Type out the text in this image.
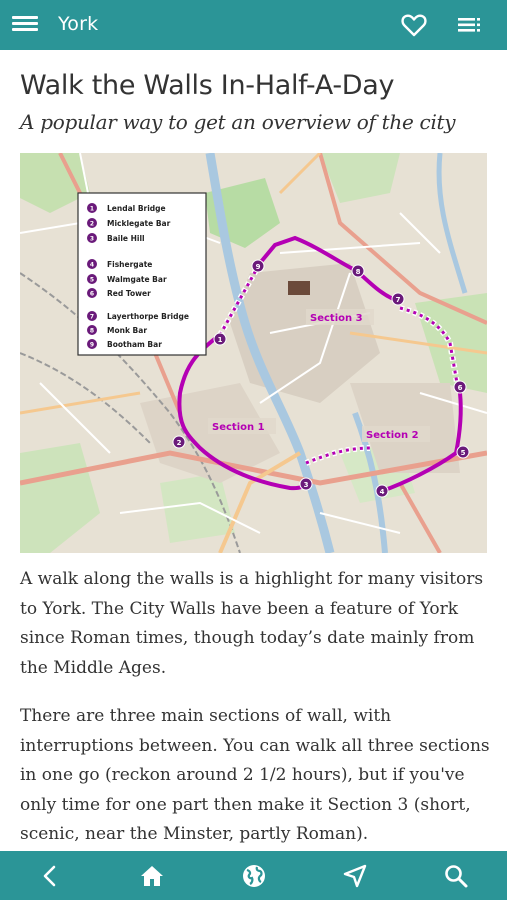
York
Walk the Walls In-Half-A-Day
A popular way to get an overview of the city
1
2
3
4
5
6
7
8
9
Section 3
Section 1
Section 2
1 Lendal Bridge
2 Micklegate Bar
3 Baile Hill
4 Fishergate
5 Walmgate Bar
6 Red Tower
7 Layerthorpe Bridge
8 Monk Bar
9 Bootham Bar

A walk along the walls is a highlight for many visitors to York. The City Walls have been a feature of York since Roman times, though today’s date mainly from the Middle Ages.

There are three main sections of wall, with interruptions between. You can walk all three sections in one go (reckon around 2 1/2 hours), but if you've only time for one part then make it Section 3 (short, scenic, near the Minster, partly Roman).
